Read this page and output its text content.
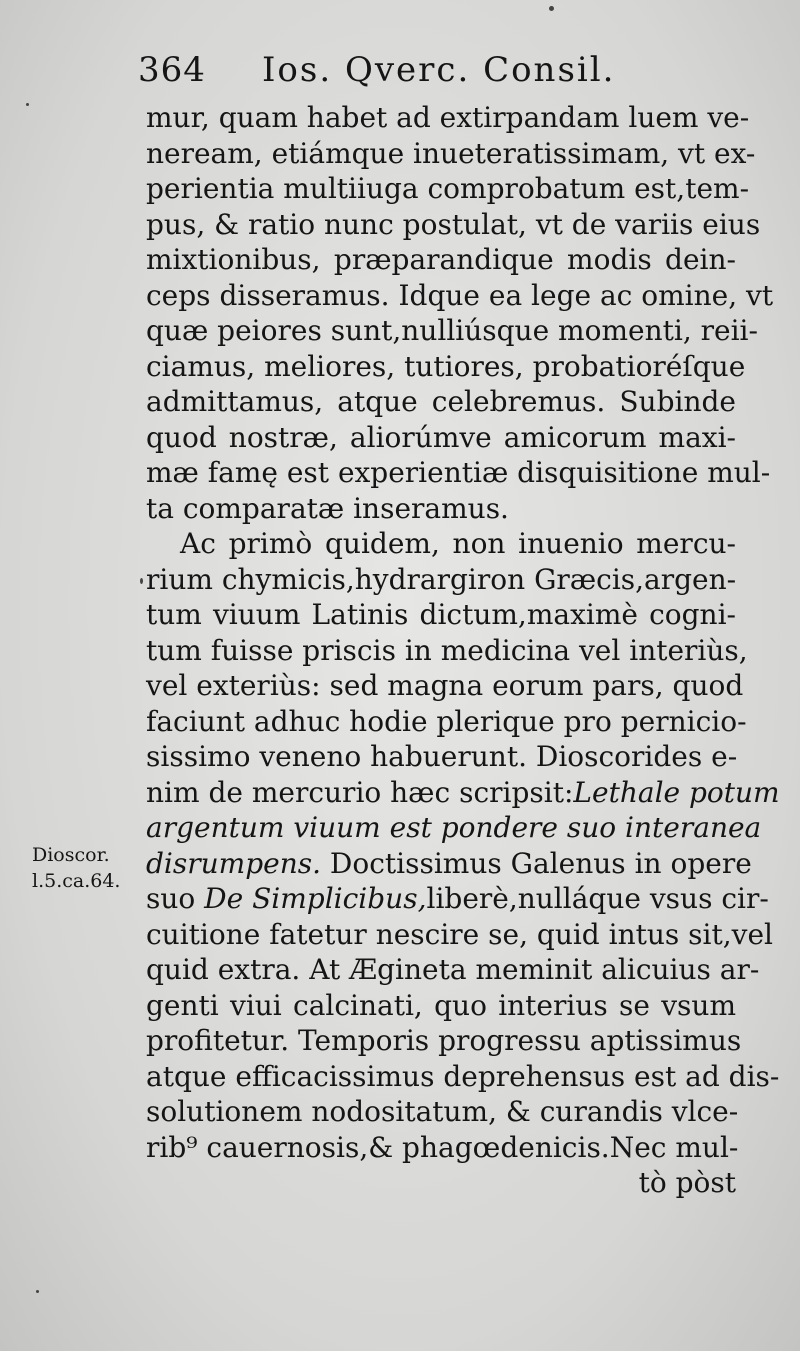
364 Ios. Qverc. Consil.
mur, quam habet ad extirpandam luem ve-
neream, etiámque inueteratissimam, vt ex-
perientia multiiuga comprobatum est,tem-
pus, & ratio nunc postulat, vt de variis eius
mixtionibus, præparandique modis dein-
ceps disseramus. Idque ea lege ac omine, vt
quæ peiores sunt,nulliúsque momenti, reii-
ciamus, meliores, tutiores, probatioréſque
admittamus, atque celebremus. Subinde
quod nostræ, aliorúmve amicorum maxi-
mæ famę est experientiæ disquisitione mul-
ta comparatæ inseramus.
Ac primò quidem, non inuenio mercu-
rium chymicis,hydrargiron Græcis,argen-
tum viuum Latinis dictum,maximè cogni-
tum fuisse priscis in medicina vel interiùs,
vel exteriùs: sed magna eorum pars, quod
faciunt adhuc hodie plerique pro pernicio-
sissimo veneno habuerunt. Dioscorides e-
nim de mercurio hæc scripsit:Lethale potum
argentum viuum est pondere suo interanea
disrumpens. Doctissimus Galenus in opere
suo De Simplicibus,liberè,nulláque vsus cir-
cuitione fatetur nescire se, quid intus sit,vel
quid extra. At Ægineta meminit alicuius ar-
genti viui calcinati, quo interius se vsum
profitetur. Temporis progressu aptissimus
atque efficacissimus deprehensus est ad dis-
solutionem nodositatum, & curandis vlce-
rib⁹ cauernosis,& phagœdenicis.Nec mul-
tò pòst
Dioscor.
l.5.ca.64.
